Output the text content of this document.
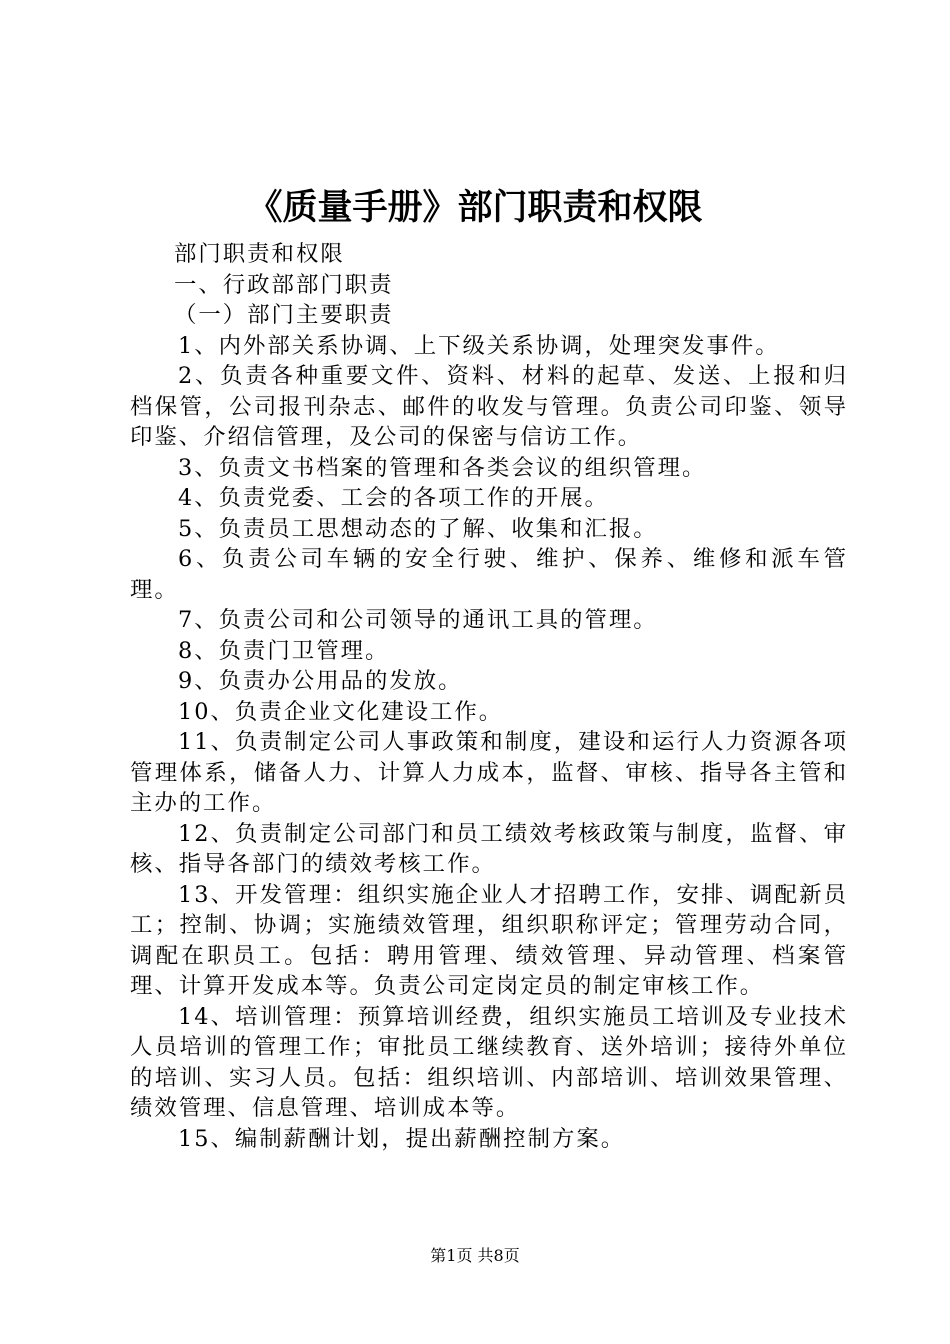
《质量手册》部门职责和权限

部门职责和权限

一、行政部部门职责

（一）部门主要职责

1、内外部关系协调、上下级关系协调，处理突发事件。

2、负责各种重要文件、资料、材料的起草、发送、上报和归档保管，公司报刊杂志、邮件的收发与管理。负责公司印鉴、领导印鉴、介绍信管理，及公司的保密与信访工作。

3、负责文书档案的管理和各类会议的组织管理。

4、负责党委、工会的各项工作的开展。

5、负责员工思想动态的了解、收集和汇报。

6、负责公司车辆的安全行驶、维护、保养、维修和派车管理。

7、负责公司和公司领导的通讯工具的管理。

8、负责门卫管理。

9、负责办公用品的发放。

10、负责企业文化建设工作。

11、负责制定公司人事政策和制度，建设和运行人力资源各项管理体系，储备人力、计算人力成本，监督、审核、指导各主管和主办的工作。

12、负责制定公司部门和员工绩效考核政策与制度，监督、审核、指导各部门的绩效考核工作。

13、开发管理：组织实施企业人才招聘工作，安排、调配新员工；控制、协调；实施绩效管理，组织职称评定；管理劳动合同，调配在职员工。包括：聘用管理、绩效管理、异动管理、档案管理、计算开发成本等。负责公司定岗定员的制定审核工作。

14、培训管理：预算培训经费，组织实施员工培训及专业技术人员培训的管理工作；审批员工继续教育、送外培训；接待外单位的培训、实习人员。包括：组织培训、内部培训、培训效果管理、绩效管理、信息管理、培训成本等。

15、编制薪酬计划，提出薪酬控制方案。

第1页 共8页
